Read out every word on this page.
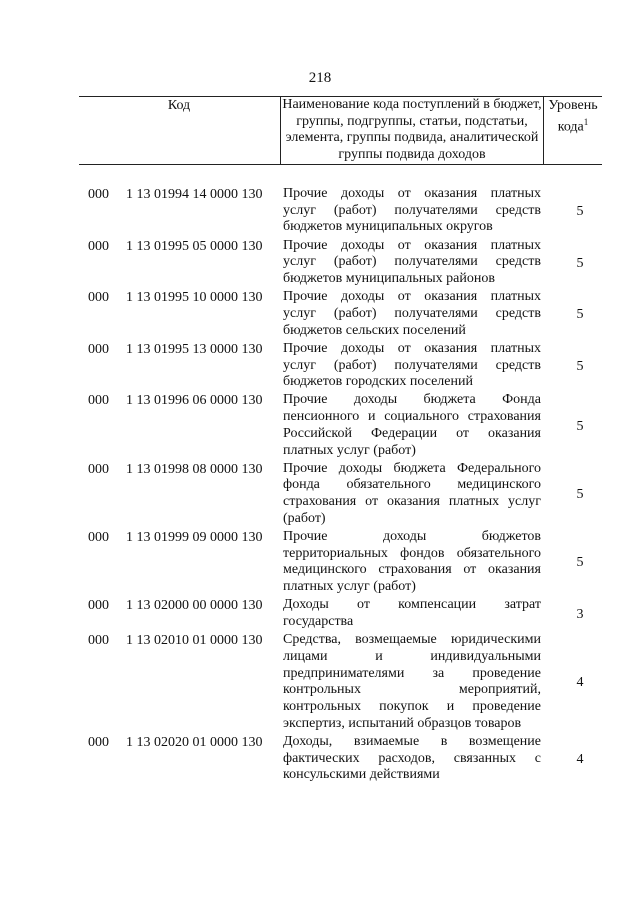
218
Код	Наименование кода поступлений в бюджет, группы, подгруппы, статьи, подстатьи, элемента, группы подвида, аналитической группы подвида доходов
Уровень кода$^1$
000 1 13 01994 14 0000 130 Прочие доходы от оказания платных
услуг (работ) получателями средств
бюджетов муниципальных округов
5
000 1 13 01995 05 0000 130 Прочие доходы от оказания платных
услуг (работ) получателями средств
бюджетов муниципальных районов
5
000 1 13 01995 10 0000 130 Прочие доходы от оказания платных
услуг (работ) получателями средств
бюджетов сельских поселений
5
000 1 13 01995 13 0000 130 Прочие доходы от оказания платных
услуг (работ) получателями средств
бюджетов городских поселений
5
000 1 13 01996 06 0000 130 Прочие доходы бюджета Фонда
пенсионного и социального страхования
Российской Федерации от оказания
платных услуг (работ)
5
000 1 13 01998 08 0000 130 Прочие доходы бюджета Федерального
фонда обязательного медицинского
страхования от оказания платных услуг
(работ)
5
000 1 13 01999 09 0000 130 Прочие доходы бюджетов
территориальных фондов обязательного
медицинского страхования от оказания
платных услуг (работ)
5
000 1 13 02000 00 0000 130 Доходы от компенсации затрат
государства	3
000 1 13 02010 01 0000 130 Средства, возмещаемые юридическими
лицами и индивидуальными
предпринимателями за проведение
контрольных мероприятий,
контрольных покупок и проведение
экспертиз, испытаний образцов товаров
4
000 1 13 02020 01 0000 130 Доходы, взимаемые в возмещение
фактических расходов, связанных с
консульскими действиями
4
